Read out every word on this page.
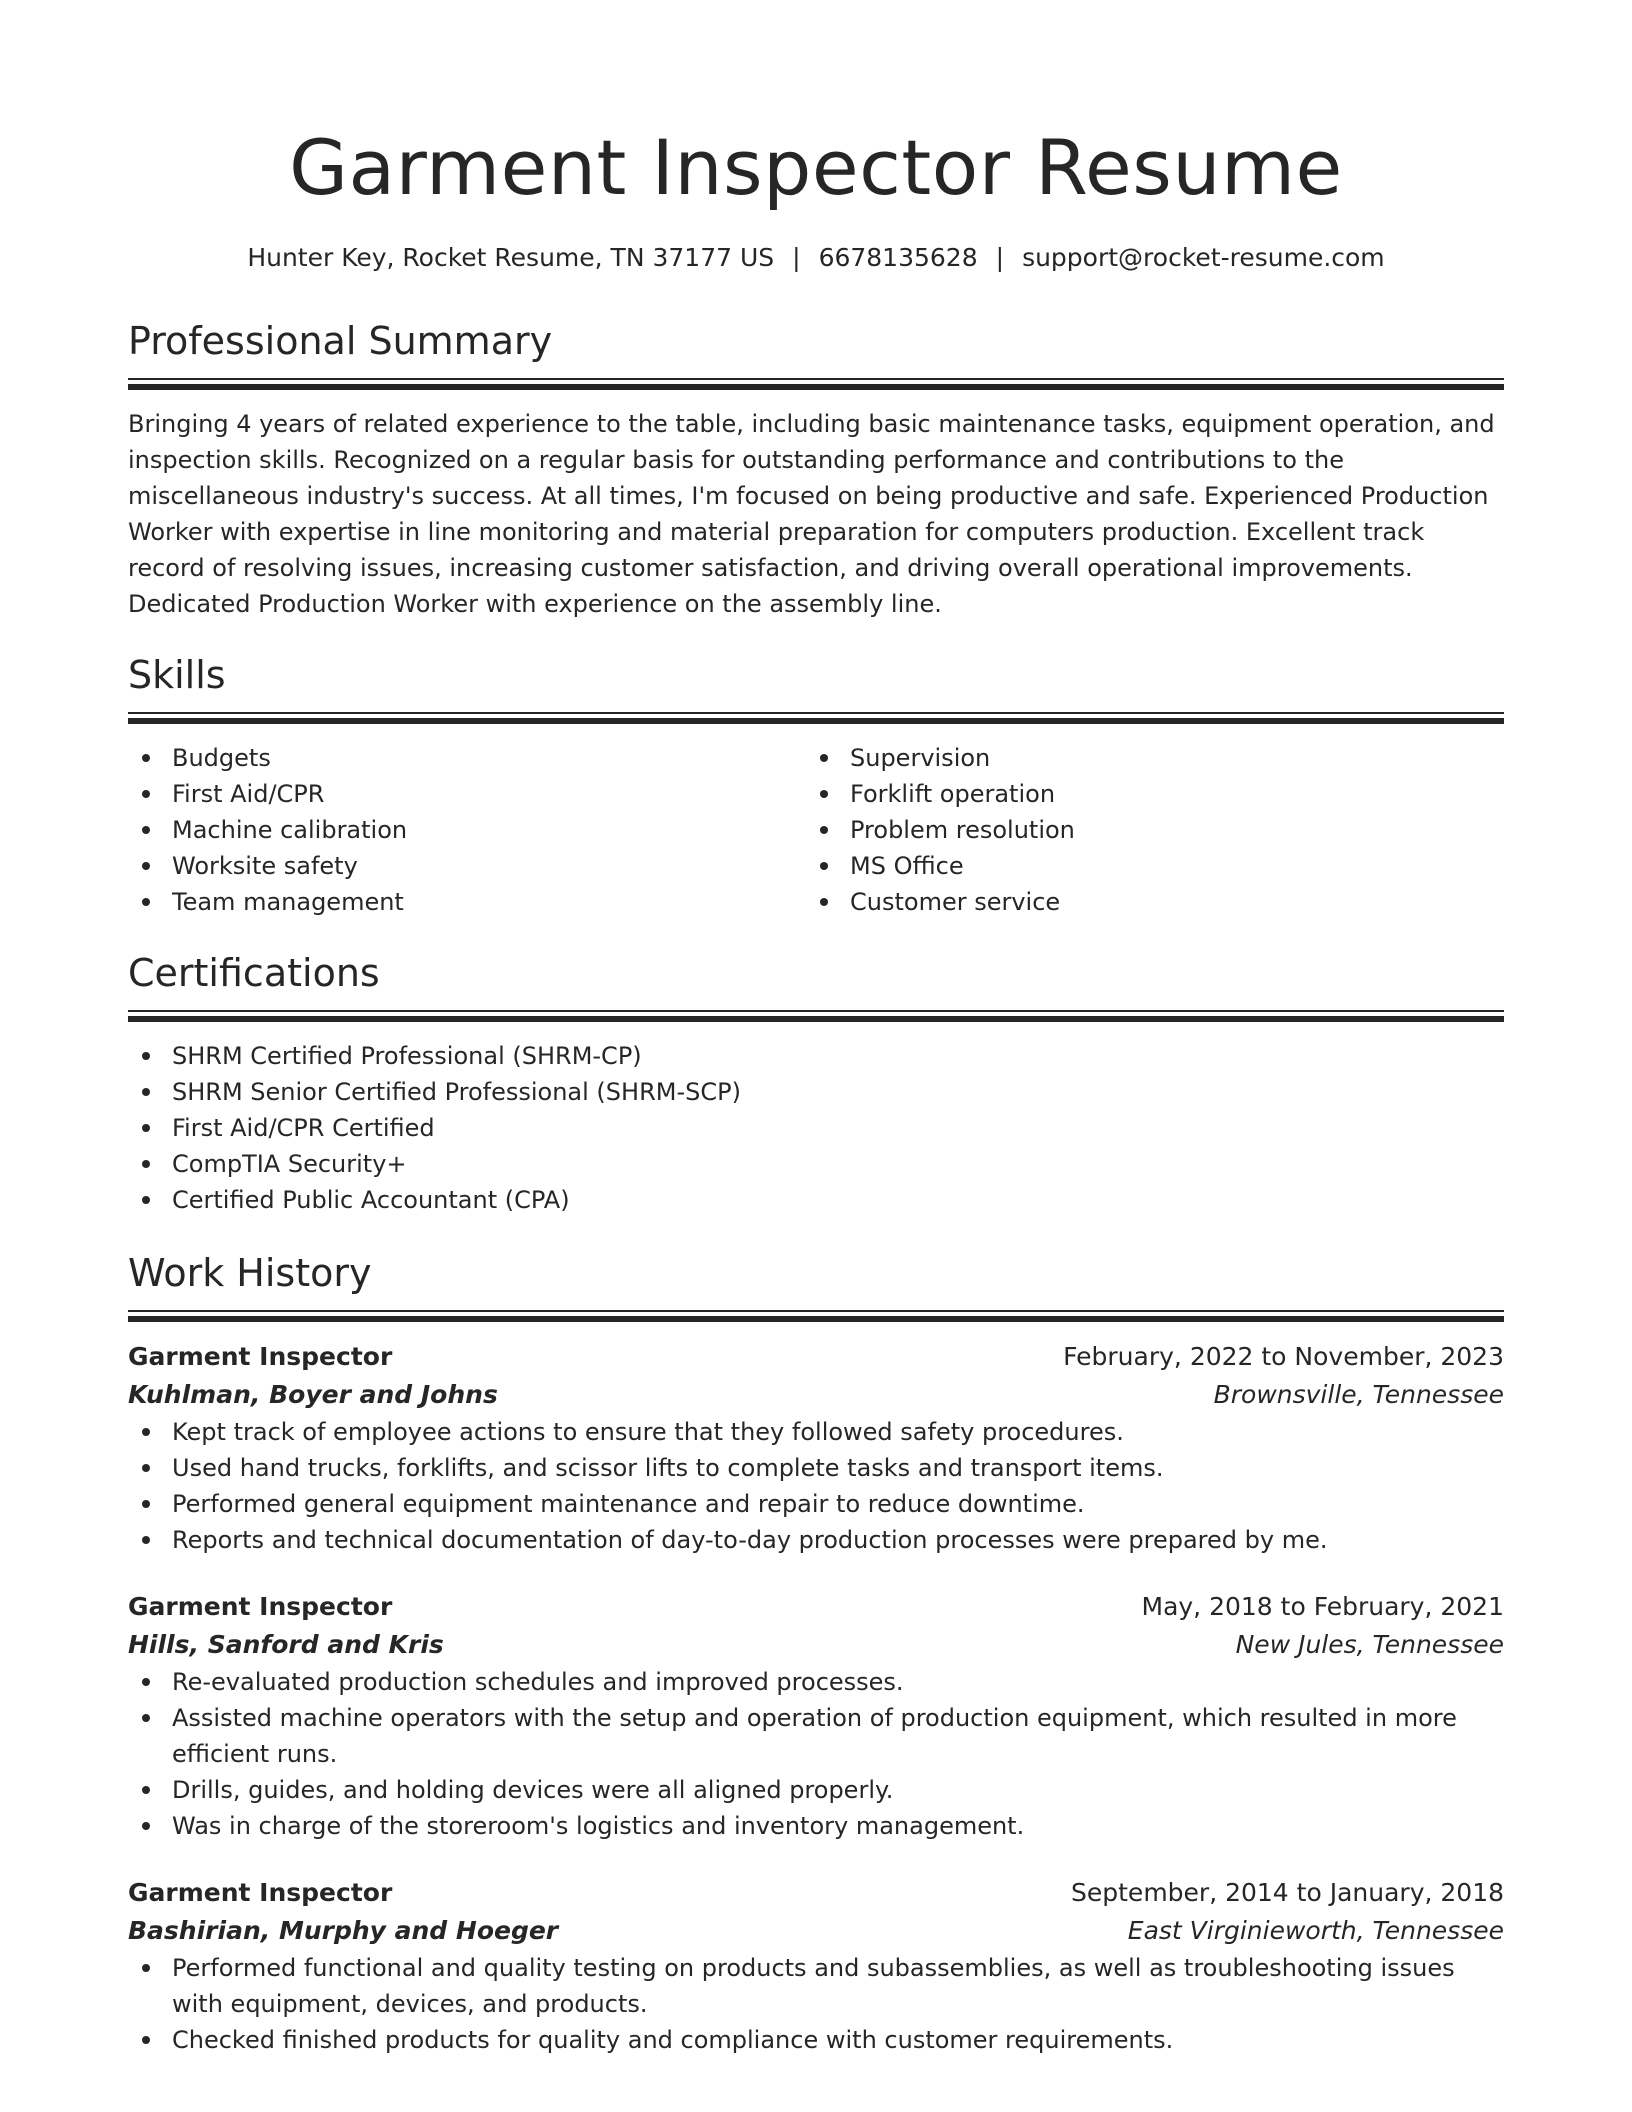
Garment Inspector Resume
Hunter Key, Rocket Resume, TN 37177 US | 6678135628 | support@rocket-resume.com
Professional Summary
Bringing 4 years of related experience to the table, including basic maintenance tasks, equipment operation, and inspection skills. Recognized on a regular basis for outstanding performance and contributions to the miscellaneous industry's success. At all times, I'm focused on being productive and safe. Experienced Production Worker with expertise in line monitoring and material preparation for computers production. Excellent track record of resolving issues, increasing customer satisfaction, and driving overall operational improvements. Dedicated Production Worker with experience on the assembly line.
Skills
Budgets
First Aid/CPR
Machine calibration
Worksite safety
Team management
Supervision
Forklift operation
Problem resolution
MS Office
Customer service
Certifications
SHRM Certified Professional (SHRM-CP)
SHRM Senior Certified Professional (SHRM-SCP)
First Aid/CPR Certified
CompTIA Security+
Certified Public Accountant (CPA)
Work History
Garment Inspector	February, 2022 to November, 2023
Kuhlman, Boyer and Johns	Brownsville, Tennessee
Kept track of employee actions to ensure that they followed safety procedures.
Used hand trucks, forklifts, and scissor lifts to complete tasks and transport items.
Performed general equipment maintenance and repair to reduce downtime.
Reports and technical documentation of day-to-day production processes were prepared by me.
Garment Inspector	May, 2018 to February, 2021
Hills, Sanford and Kris	New Jules, Tennessee
Re-evaluated production schedules and improved processes.
Assisted machine operators with the setup and operation of production equipment, which resulted in more efficient runs.
Drills, guides, and holding devices were all aligned properly.
Was in charge of the storeroom's logistics and inventory management.
Garment Inspector	September, 2014 to January, 2018
Bashirian, Murphy and Hoeger	East Virginieworth, Tennessee
Performed functional and quality testing on products and subassemblies, as well as troubleshooting issues with equipment, devices, and products.
Checked finished products for quality and compliance with customer requirements.
